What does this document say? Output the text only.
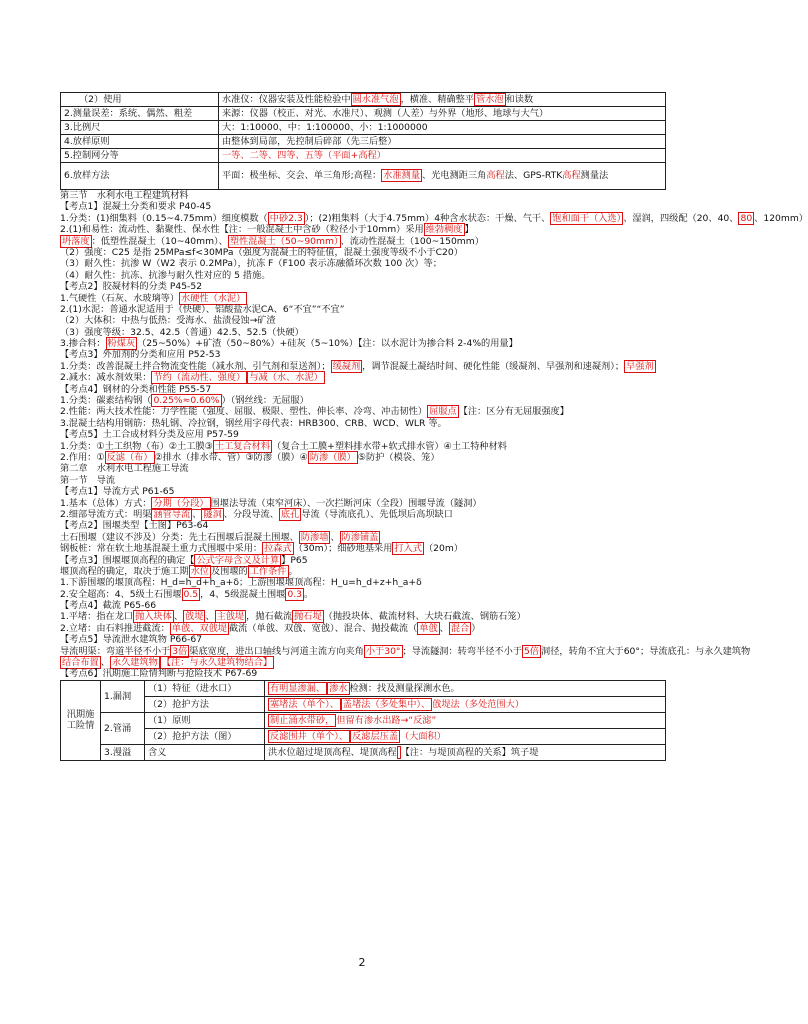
（2）使用	水准仪：仪器安装及性能检验中 圆水准气泡 ，横准、精确整平 管水泡 和读数
2.测量误差：系统、偶然、粗差	来源：仪器（校正、对光、水准尺）、观测（人差）与外界（地形、地球与大气）
3.比例尺	大：1:10000、中：1:100000、小：1:1000000
4.放样原则	由整体到局部，先控制后碎部（先三后整）
5.控制网分等	一等、二等、四等、五等（平面+高程）
6.放样方法	平面：极坐标、交会、单三角形;高程： 水准测量 、光电测距三角高程法、GPS-RTK高程测量法
第三节　水利水电工程建筑材料
【考点1】混凝土分类和要求 P40-45
1.分类：(1)细集料（0.15~4.75mm）细度模数（ 中砂2.3 ）；(2)粗集料（大于4.75mm）4种含水状态：干燥、气干、 饱和面干（入选） 、湿润，四级配（20、40、 80 、120mm）
2.(1)和易性：流动性、黏聚性、保水性【注：一般混凝土中含砂（粒径小于10mm）采用 维勃稠度 】
坍落度 ：低塑性混凝土（10~40mm）、 塑性混凝土（50~90mm） 、流动性混凝土（100~150mm）
（2）强度：C25 是指 25MPa≤f<30MPa（强度为混凝土的特征值，混凝土强度等级不小于C20）
（3）耐久性：抗渗 W（W2 表示 0.2MPa），抗冻 F（F100 表示冻融循环次数 100 次）等；
（4）耐久性：抗冻、抗渗与耐久性对应的 5 措施。
【考点2】胶凝材料的分类 P45-52
1.气硬性（石灰、水玻璃等） 水硬性（水泥）
2.(1)水泥：普通水泥适用于（快硬）、铝酸盐水泥CA、6“不宜”“不宜”
（2）大体积：中热与低热：受海水、盐渍侵蚀→矿渣
（3）强度等级：32.5、42.5（普通）42.5、52.5（快硬）
3.掺合料： 粉煤灰 （25~50%）+矿渣（50~80%）+硅灰（5~10%）【注：以水泥计为掺合料 2-4%的用量】
【考点3】外加剂的分类和应用 P52-53
1.分类：改善混凝土拌合物流变性能（减水剂、引气剂和泵送剂）； 缓凝剂 ，调节混凝土凝结时间、硬化性能（缓凝剂、早强剂和速凝剂）； 早强剂
2.减水：减水剂效果： 节约（流动性、强度） 与减（水、水泥）
【考点4】钢材的分类和性能 P55-57
1.分类：碳素结构钢（ 0.25%≈0.60% ）（钢丝线：无屈服）
2.性能：两大技术性能：力学性能（强度、屈服、极限、塑性、伸长率、冷弯、冲击韧性） 屈服点 【注：区分有无屈服强度】
3.混凝土结构用钢筋：热轧钢、冷拉钢，钢丝用字母代表：HRB300、CRB、WCD、WLR 等。
【考点5】土工合成材料分类及应用 P57-59
1.分类：①土工织物（布）②土工膜③ 土工复合材料 （复合土工膜+塑料排水带+软式排水管）④土工特种材料
2.作用：① 反滤（布） ②排水（排水带、管）③防渗（膜）④ 防渗（膜） ⑤防护（模袋、笼）
第二章　水利水电工程施工导流
第一节　导流
【考点1】导流方式 P61-65
1.基本（总体）方式： 分期（分段） 围堰法导流（束窄河床）、一次拦断河床（全段）围堰导流（隧洞）
2.细部导流方式：明渠 涵管导流 、 隧洞 、分段导流、 底孔 导流（导流底孔）、先低坝后高坝缺口
【考点2】围堰类型【土图】P63-64
土石围堰（建议不涉及）分类：先土石围堰后混凝土围堰、 防渗墙 、 防渗铺盖
钢板桩：常在软土地基混凝土重力式围堰中采用： 拉森式 （30m）；细砂地基采用 打入式 （20m）
【考点3】围堰堰顶高程的确定【 公式字母含义及计算 】P65
堰顶高程的确定，取决于施工期 水位 及围堰的 工作条件 。
1.下游围堰的堰顶高程：H_d=h_d+h_a+δ；上游围堰堰顶高程：H_u=h_d+z+h_a+δ
2.安全超高：4、5级土石围堰 0.5 ，4、5级混凝土围堰 0.3 。
【考点4】截流 P65-66
1.平堵：指在龙口 抛入块体 、 戗堤 、 主戗堤 ，抛石截流 抛石堤 （抛投块体、截流材料、大块石截流、钢筋石笼）
2.立堵：由石料推进截流： 单戗、双戗堤 截流（单戗、双戗、宽戗）、混合、抛投截流（ 单戗 、 混合 ）
【考点5】导流泄水建筑物 P66-67
导流明渠：弯道半径不小于 3倍 渠底宽度，进出口轴线与河道主流方向夹角 小于30° ；导流隧洞：转弯半径不小于 5倍 洞径，转角不宜大于60°；导流底孔：与永久建筑物
结合布置 、 永久建筑物 【注：与永久建筑物结合】
【考点6】汛期施工险情判断与抢险技术 P67-69
汛期施工险情	1.漏洞	（1）特征（进水口）	有明显渗漏、 渗水 检测：找及测量探测水色。
		（2）抢护方法	塞堵法（单个）、 盖堵法（多处集中）、 戗堤法（多处范围大）
	2.管涌	（1）原则	制止涌水带砂， 但留有渗水出路→“反滤”
		（2）抢护方法（图）	反滤围井（单个）、 反滤层压盖 （大面积）
	3.漫溢	含义	洪水位超过堤顶高程、堤顶高程 【注：与堤顶高程的关系】筑子堤
2
